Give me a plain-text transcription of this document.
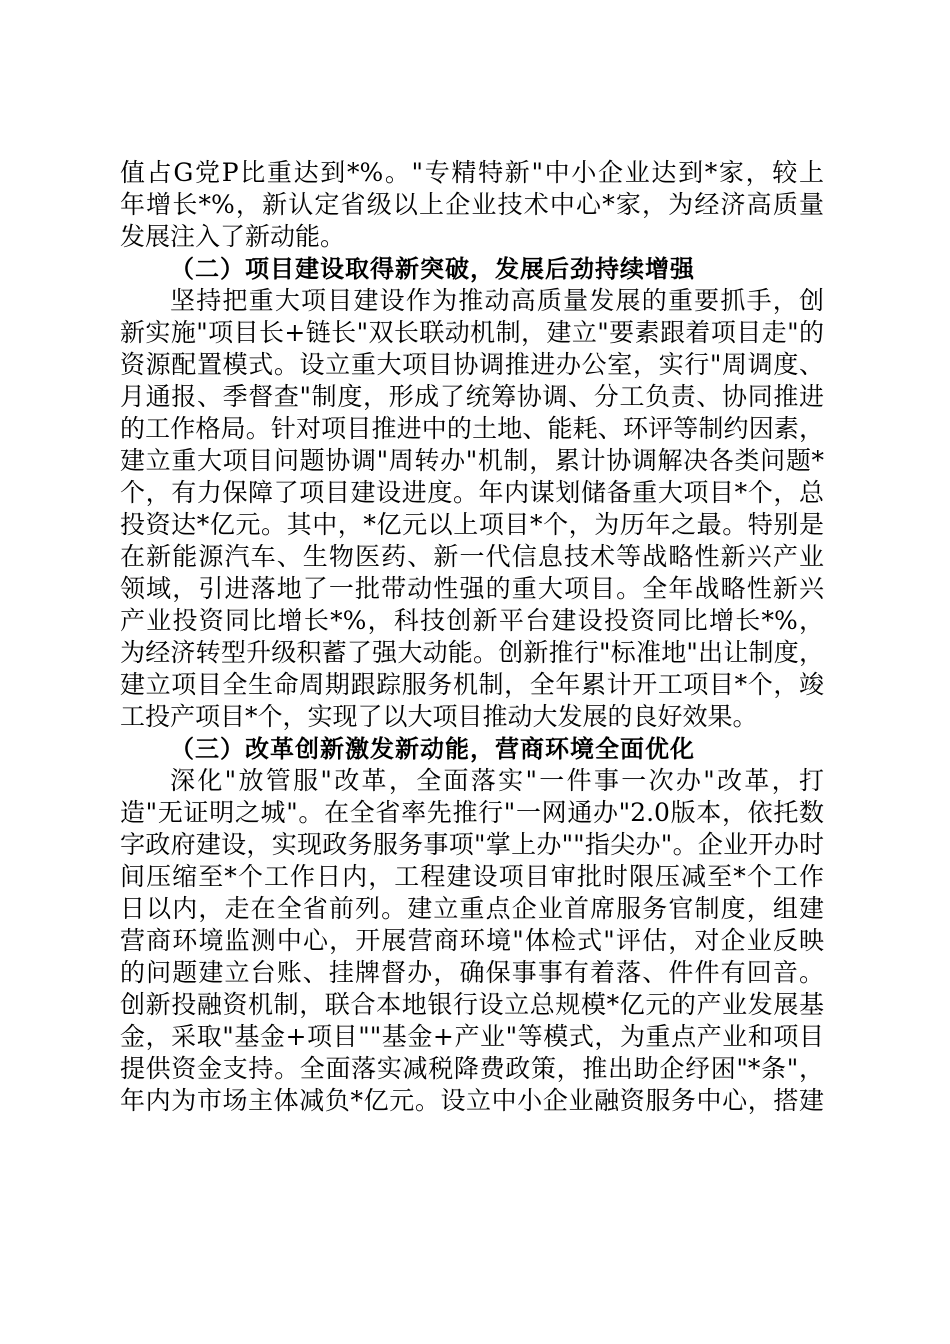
值占G党P比重达到*%。"专精特新"中小企业达到*家，较上
年增长*%，新认定省级以上企业技术中心*家，为经济高质量
发展注入了新动能。
（二）项目建设取得新突破，发展后劲持续增强
坚持把重大项目建设作为推动高质量发展的重要抓手，创
新实施"项目长+链长"双长联动机制，建立"要素跟着项目走"的
资源配置模式。设立重大项目协调推进办公室，实行"周调度、
月通报、季督查"制度，形成了统筹协调、分工负责、协同推进
的工作格局。针对项目推进中的土地、能耗、环评等制约因素，
建立重大项目问题协调"周转办"机制，累计协调解决各类问题*
个，有力保障了项目建设进度。年内谋划储备重大项目*个，总
投资达*亿元。其中，*亿元以上项目*个，为历年之最。特别是
在新能源汽车、生物医药、新一代信息技术等战略性新兴产业
领域，引进落地了一批带动性强的重大项目。全年战略性新兴
产业投资同比增长*%，科技创新平台建设投资同比增长*%，
为经济转型升级积蓄了强大动能。创新推行"标准地"出让制度，
建立项目全生命周期跟踪服务机制，全年累计开工项目*个，竣
工投产项目*个，实现了以大项目推动大发展的良好效果。
（三）改革创新激发新动能，营商环境全面优化
深化"放管服"改革，全面落实"一件事一次办"改革，打
造"无证明之城"。在全省率先推行"一网通办"2.0版本，依托数
字政府建设，实现政务服务事项"掌上办""指尖办"。企业开办时
间压缩至*个工作日内，工程建设项目审批时限压减至*个工作
日以内，走在全省前列。建立重点企业首席服务官制度，组建
营商环境监测中心，开展营商环境"体检式"评估，对企业反映
的问题建立台账、挂牌督办，确保事事有着落、件件有回音。
创新投融资机制，联合本地银行设立总规模*亿元的产业发展基
金，采取"基金+项目""基金+产业"等模式，为重点产业和项目
提供资金支持。全面落实减税降费政策，推出助企纾困"*条"，
年内为市场主体减负*亿元。设立中小企业融资服务中心，搭建
